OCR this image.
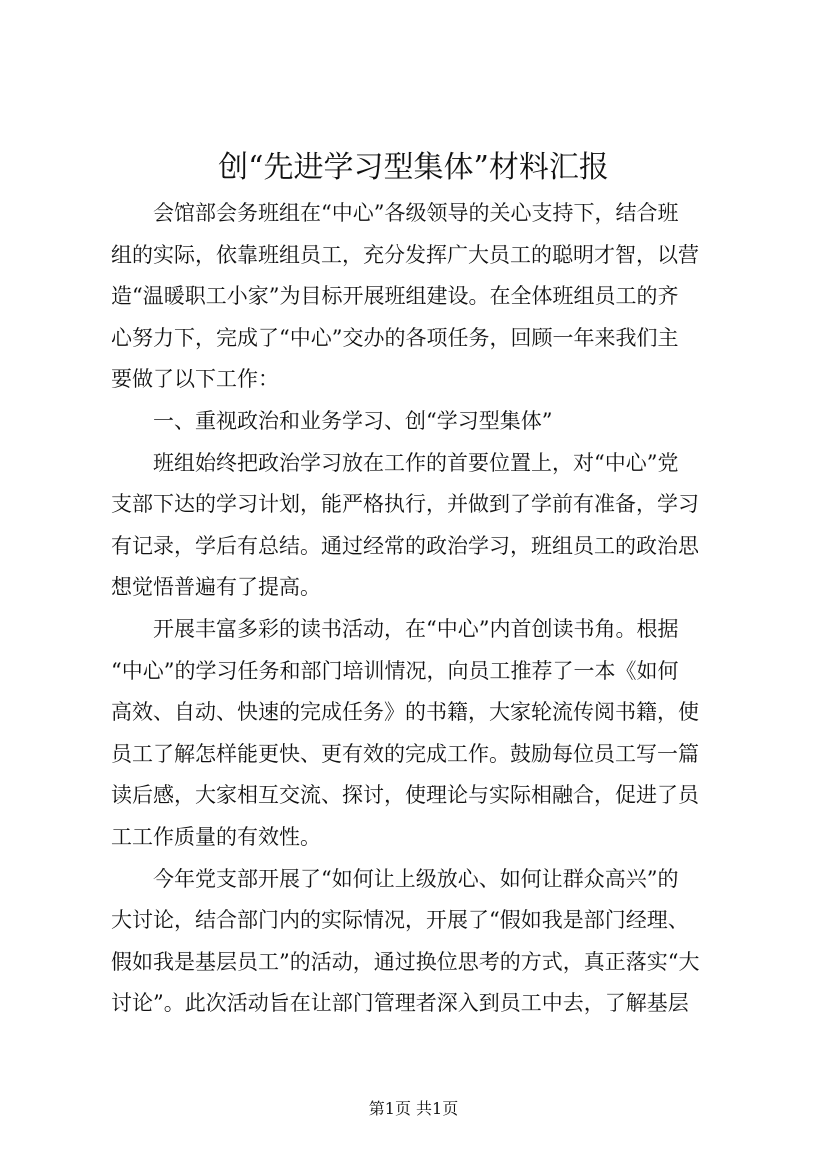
创“先进学习型集体”材料汇报
　　会馆部会务班组在“中心”各级领导的关心支持下，结合班
组的实际，依靠班组员工，充分发挥广大员工的聪明才智，以营
造“温暖职工小家”为目标开展班组建设。在全体班组员工的齐
心努力下，完成了“中心”交办的各项任务，回顾一年来我们主
要做了以下工作：
　　一、重视政治和业务学习、创“学习型集体”
　　班组始终把政治学习放在工作的首要位置上，对“中心”党
支部下达的学习计划，能严格执行，并做到了学前有准备，学习
有记录，学后有总结。通过经常的政治学习，班组员工的政治思
想觉悟普遍有了提高。
　　开展丰富多彩的读书活动，在“中心”内首创读书角。根据
“中心”的学习任务和部门培训情况，向员工推荐了一本《如何
高效、自动、快速的完成任务》的书籍，大家轮流传阅书籍，使
员工了解怎样能更快、更有效的完成工作。鼓励每位员工写一篇
读后感，大家相互交流、探讨，使理论与实际相融合，促进了员
工工作质量的有效性。
　　今年党支部开展了“如何让上级放心、如何让群众高兴”的
大讨论，结合部门内的实际情况，开展了“假如我是部门经理、
假如我是基层员工”的活动，通过换位思考的方式，真正落实“大
讨论”。此次活动旨在让部门管理者深入到员工中去，了解基层
第1页 共1页
